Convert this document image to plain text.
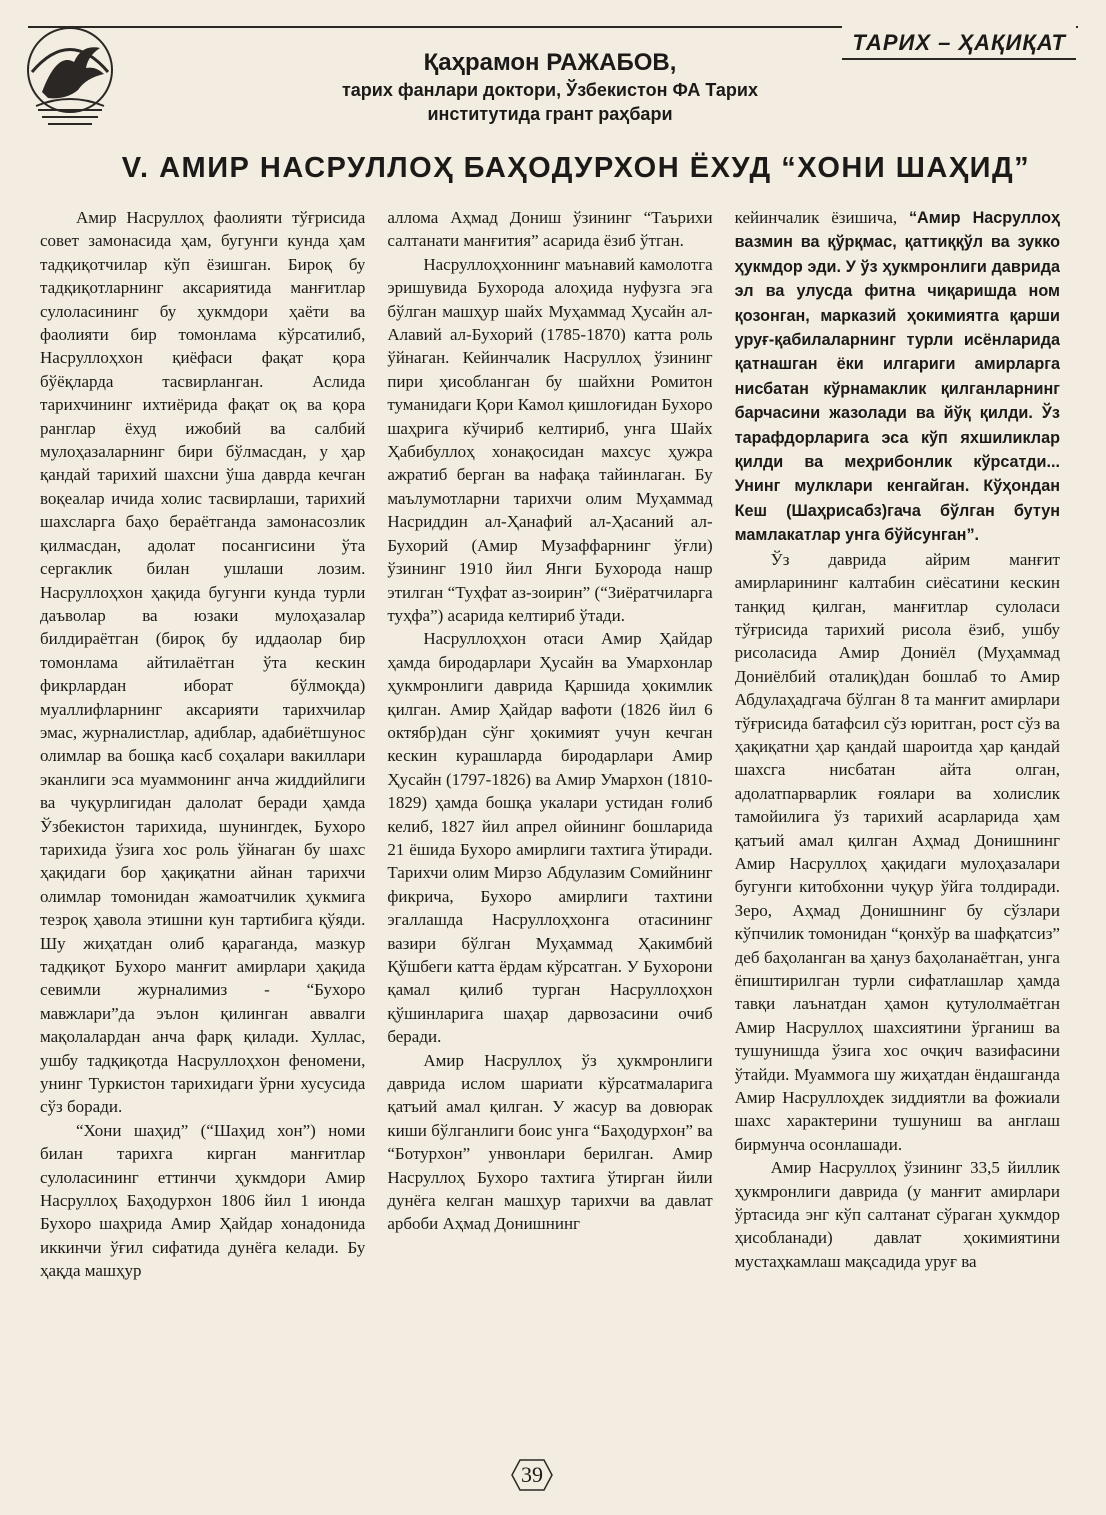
ТАРИХ – ҲАҚИҚАТ
Қаҳрамон РАЖАБОВ,
тарих фанлари доктори, Ўзбекистон ФА Тарих
институтида грант раҳбари
V. АМИР НАСРУЛЛОҲ БАҲОДУРХОН ЁХУД “ХОНИ ШАҲИД”

Амир Насруллоҳ фаолияти тўғрисида совет замонасида ҳам, бугунги кунда ҳам тадқиқотчилар кўп ёзишган. Бироқ бу тадқиқотларнинг аксариятида манғитлар сулоласининг бу ҳукмдори ҳаёти ва фаолияти бир томонлама кўрсатилиб, Насруллоҳхон қиёфаси фақат қора бўёқларда тасвирланган. Аслида тарихчининг ихтиёрида фақат оқ ва қора ранглар ёхуд ижобий ва салбий мулоҳазаларнинг бири бўлмасдан, у ҳар қандай тарихий шахсни ўша даврда кечган воқеалар ичида холис тасвирлаши, тарихий шахсларга баҳо бераётганда замонасозлик қилмасдан, адолат посангисини ўта сергаклик билан ушлаши лозим. Насруллоҳхон ҳақида бугунги кунда турли даъволар ва юзаки мулоҳазалар билдираётган (бироқ бу иддаолар бир томонлама айтилаётган ўта кескин фикрлардан иборат бўлмоқда) муаллифларнинг аксарияти тарихчилар эмас, журналистлар, адиблар, адабиётшунос олимлар ва бошқа касб соҳалари вакиллари эканлиги эса муаммонинг анча жиддийлиги ва чуқурлигидан далолат беради ҳамда Ўзбекистон тарихида, шунингдек, Бухоро тарихида ўзига хос роль ўйнаган бу шахс ҳақидаги бор ҳақиқатни айнан тарихчи олимлар томонидан жамоатчилик ҳукмига тезроқ ҳавола этишни кун тартибига қўяди. Шу жиҳатдан олиб қараганда, мазкур тадқиқот Бухоро манғит амирлари ҳақида севимли журналимиз - “Бухоро мавжлари”да эълон қилинган аввалги мақолалардан анча фарқ қилади. Хуллас, ушбу тадқиқотда Насруллоҳхон феномени, унинг Туркистон тарихидаги ўрни хусусида сўз боради.

“Хони шаҳид” (“Шаҳид хон”) номи билан тарихга кирган манғитлар сулоласининг еттинчи ҳукмдори Амир Насруллоҳ Баҳодурхон 1806 йил 1 июнда Бухоро шаҳрида Амир Ҳайдар хонадонида иккинчи ўғил сифатида дунёга келади. Бу ҳақда машҳур

аллома Аҳмад Дониш ўзининг “Таърихи салтанати манғития” асарида ёзиб ўтган.

Насруллоҳхоннинг маънавий камолотга эришувида Бухорода алоҳида нуфузга эга бўлган машҳур шайх Муҳаммад Ҳусайн ал-Алавий ал-Бухорий (1785-1870) катта роль ўйнаган. Кейинчалик Насруллоҳ ўзининг пири ҳисобланган бу шайхни Ромитон туманидаги Қори Камол қишлоғидан Бухоро шаҳрига кўчириб келтириб, унга Шайх Ҳабибуллоҳ хонақосидан махсус ҳужра ажратиб берган ва нафақа тайинлаган. Бу маълумотларни тарихчи олим Муҳаммад Насриддин ал-Ҳанафий ал-Ҳасаний ал-Бухорий (Амир Музаффарнинг ўғли) ўзининг 1910 йил Янги Бухорода нашр этилган “Туҳфат аз-зоирин” (“Зиёратчиларга туҳфа”) асарида келтириб ўтади.

Насруллоҳхон отаси Амир Ҳайдар ҳамда биродарлари Ҳусайн ва Умархонлар ҳукмронлиги даврида Қаршида ҳокимлик қилган. Амир Ҳайдар вафоти (1826 йил 6 октябр)дан сўнг ҳокимият учун кечган кескин курашларда биродарлари Амир Ҳусайн (1797-1826) ва Амир Умархон (1810-1829) ҳамда бошқа укалари устидан ғолиб келиб, 1827 йил апрел ойининг бошларида 21 ёшида Бухоро амирлиги тахтига ўтиради. Тарихчи олим Мирзо Абдулазим Сомийнинг фикрича, Бухоро амирлиги тахтини эгаллашда Насруллоҳхонга отасининг вазири бўлган Муҳаммад Ҳакимбий Қўшбеги катта ёрдам кўрсатган. У Бухорони қамал қилиб турган Насруллоҳхон қўшинларига шаҳар дарвозасини очиб беради.

Амир Насруллоҳ ўз ҳукмронлиги даврида ислом шариати кўрсатмаларига қатъий амал қилган. У жасур ва довюрак киши бўлганлиги боис унга “Баҳодурхон” ва “Ботурхон” унвонлари берилган. Амир Насруллоҳ Бухоро тахтига ўтирган йили дунёга келган машҳур тарихчи ва давлат арбоби Аҳмад Донишнинг

кейинчалик ёзишича, “Амир Насруллоҳ вазмин ва қўрқмас, қаттиққўл ва зукко ҳукмдор эди. У ўз ҳукмронлиги даврида эл ва улусда фитна чиқаришда ном қозонган, марказий ҳокимиятга қарши уруғ-қабилаларнинг турли исёнларида қатнашган ёки илгариги амирларга нисбатан кўрнамаклик қилганларнинг барчасини жазолади ва йўқ қилди. Ўз тарафдорларига эса кўп яхшиликлар қилди ва меҳрибонлик кўрсатди... Унинг мулклари кенгайган. Кўҳондан Кеш (Шаҳрисабз)гача бўлган бутун мамлакатлар унга бўйсунган”.

Ўз даврида айрим манғит амирларининг калтабин сиёсатини кескин танқид қилган, манғитлар сулоласи тўғрисида тарихий рисола ёзиб, ушбу рисоласида Амир Дониёл (Муҳаммад Дониёлбий оталиқ)дан бошлаб то Амир Абдулаҳадгача бўлган 8 та манғит амирлари тўғрисида батафсил сўз юритган, рост сўз ва ҳақиқатни ҳар қандай шароитда ҳар қандай шахсга нисбатан айта олган, адолатпарварлик ғоялари ва холислик тамойилига ўз тарихий асарларида ҳам қатъий амал қилган Аҳмад Донишнинг Амир Насруллоҳ ҳақидаги мулоҳазалари бугунги китобхонни чуқур ўйга толдиради. Зеро, Аҳмад Донишнинг бу сўзлари кўпчилик томонидан “қонхўр ва шафқатсиз” деб баҳоланган ва ҳануз баҳоланаётган, унга ёпиштирилган турли сифатлашлар ҳамда тавқи лаънатдан ҳамон қутулолмаётган Амир Насруллоҳ шахсиятини ўрганиш ва тушунишда ўзига хос очқич вазифасини ўтайди. Муаммога шу жиҳатдан ёндашганда Амир Насруллоҳдек зиддиятли ва фожиали шахс характерини тушуниш ва англаш бирмунча осонлашади.

Амир Насруллоҳ ўзининг 33,5 йиллик ҳукмронлиги даврида (у манғит амирлари ўртасида энг кўп салтанат сўраган ҳукмдор ҳисобланади) давлат ҳокимиятини мустаҳкамлаш мақсадида уруғ ва

39
